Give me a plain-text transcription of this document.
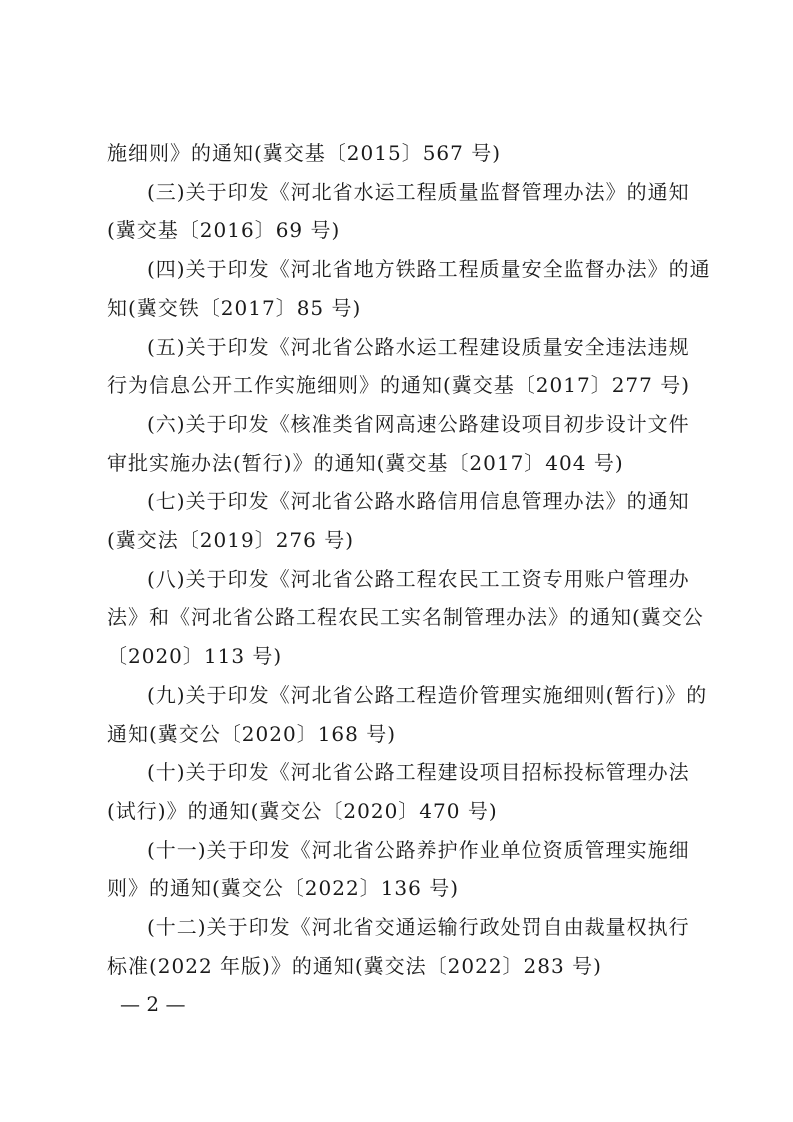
施细则》的通知(冀交基〔2015〕567 号)
(三)关于印发《河北省水运工程质量监督管理办法》的通知
(冀交基〔2016〕69 号)
(四)关于印发《河北省地方铁路工程质量安全监督办法》的通
知(冀交铁〔2017〕85 号)
(五)关于印发《河北省公路水运工程建设质量安全违法违规
行为信息公开工作实施细则》的通知(冀交基〔2017〕277 号)
(六)关于印发《核准类省网高速公路建设项目初步设计文件
审批实施办法(暂行)》的通知(冀交基〔2017〕404 号)
(七)关于印发《河北省公路水路信用信息管理办法》的通知
(冀交法〔2019〕276 号)
(八)关于印发《河北省公路工程农民工工资专用账户管理办
法》和《河北省公路工程农民工实名制管理办法》的通知(冀交公
〔2020〕113 号)
(九)关于印发《河北省公路工程造价管理实施细则(暂行)》的
通知(冀交公〔2020〕168 号)
(十)关于印发《河北省公路工程建设项目招标投标管理办法
(试行)》的通知(冀交公〔2020〕470 号)
(十一)关于印发《河北省公路养护作业单位资质管理实施细
则》的通知(冀交公〔2022〕136 号)
(十二)关于印发《河北省交通运输行政处罚自由裁量权执行
标准(2022 年版)》的通知(冀交法〔2022〕283 号)
— 2 —
